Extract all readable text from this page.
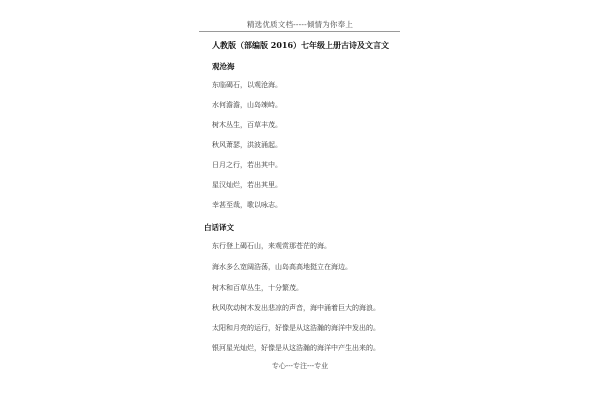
精选优质文档-----倾情为你奉上
人教版（部编版 2016）七年级上册古诗及文言文
观沧海
东临碣石，以观沧海。
水何澹澹，山岛竦峙。
树木丛生，百草丰茂。
秋风萧瑟，洪波涌起。
日月之行，若出其中。
星汉灿烂，若出其里。
幸甚至哉，歌以咏志。
白话译文
东行登上碣石山，来观赏那苍茫的海。
海水多么宽阔浩荡，山岛高高地挺立在海边。
树木和百草丛生，十分繁茂。
秋风吹动树木发出悲凉的声音，海中涌着巨大的海浪。
太阳和月亮的运行，好像是从这浩瀚的海洋中发出的。
银河星光灿烂，好像是从这浩瀚的海洋中产生出来的。
专心---专注---专业
